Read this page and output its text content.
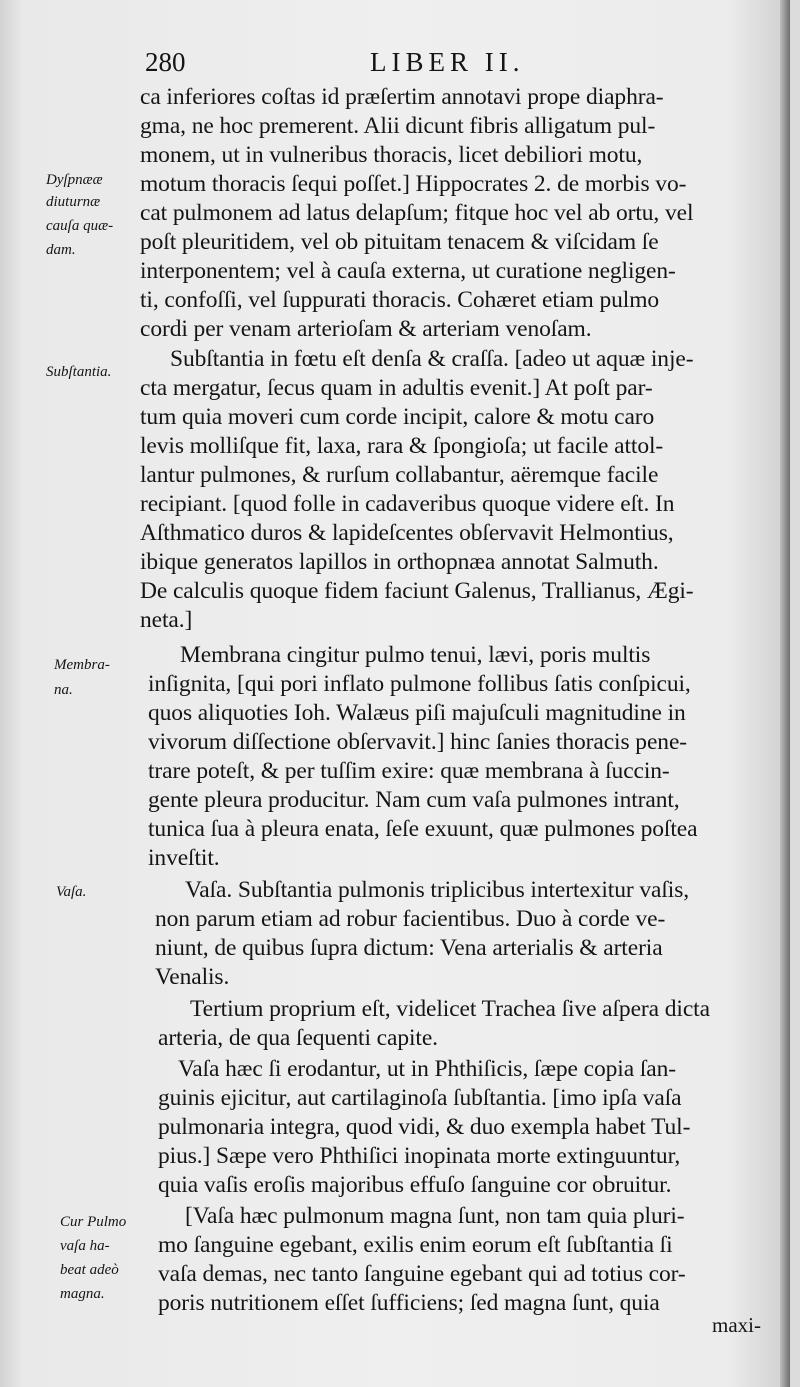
280	LIBER II.
Dyſpnææ
diuturnæ
cauſa quæ-
dam.
Subſtantia.
Membra-
na.
Vaſa.
Cur Pulmo
vaſa ha-
beat adeò
magna.
ca inferiores coſtas id præſertim annotavi prope diaphra-
gma, ne hoc premerent. Alii dicunt fibris alligatum pul-
monem, ut in vulneribus thoracis, licet debiliori motu,
motum thoracis ſequi poſſet.] Hippocrates 2. de morbis vo-
cat pulmonem ad latus delapſum; fitque hoc vel ab ortu, vel
poſt pleuritidem, vel ob pituitam tenacem & viſcidam ſe
interponentem; vel à cauſa externa, ut curatione negligen-
ti, confoſſi, vel ſuppurati thoracis. Cohæret etiam pulmo
cordi per venam arterioſam & arteriam venoſam.
Subſtantia in fœtu eſt denſa & craſſa. [adeo ut aquæ inje-
cta mergatur, ſecus quam in adultis evenit.] At poſt par-
tum quia moveri cum corde incipit, calore & motu caro
levis molliſque fit, laxa, rara & ſpongioſa; ut facile attol-
lantur pulmones, & rurſum collabantur, aëremque facile
recipiant. [quod folle in cadaveribus quoque videre eſt. In
Aſthmatico duros & lapideſcentes obſervavit Helmontius,
ibique generatos lapillos in orthopnæa annotat Salmuth.
De calculis quoque fidem faciunt Galenus, Trallianus, Ægi-
neta.]
Membrana cingitur pulmo tenui, lævi, poris multis
inſignita, [qui pori inflato pulmone follibus ſatis conſpicui,
quos aliquoties Ioh. Walæus piſi majuſculi magnitudine in
vivorum diſſectione obſervavit.] hinc ſanies thoracis pene-
trare poteſt, & per tuſſim exire: quæ membrana à ſuccin-
gente pleura producitur. Nam cum vaſa pulmones intrant,
tunica ſua à pleura enata, ſeſe exuunt, quæ pulmones poſtea
inveſtit.
Vaſa. Subſtantia pulmonis triplicibus intertexitur vaſis,
non parum etiam ad robur facientibus. Duo à corde ve-
niunt, de quibus ſupra dictum: Vena arterialis & arteria
Venalis.
Tertium proprium eſt, videlicet Trachea ſive aſpera dicta
arteria, de qua ſequenti capite.
Vaſa hæc ſi erodantur, ut in Phthiſicis, ſæpe copia ſan-
guinis ejicitur, aut cartilaginoſa ſubſtantia. [imo ipſa vaſa
pulmonaria integra, quod vidi, & duo exempla habet Tul-
pius.] Sæpe vero Phthiſici inopinata morte extinguuntur,
quia vaſis eroſis majoribus effuſo ſanguine cor obruitur.
[Vaſa hæc pulmonum magna ſunt, non tam quia pluri-
mo ſanguine egebant, exilis enim eorum eſt ſubſtantia ſi
vaſa demas, nec tanto ſanguine egebant qui ad totius cor-
poris nutritionem eſſet ſufficiens; ſed magna ſunt, quia
maxi-
